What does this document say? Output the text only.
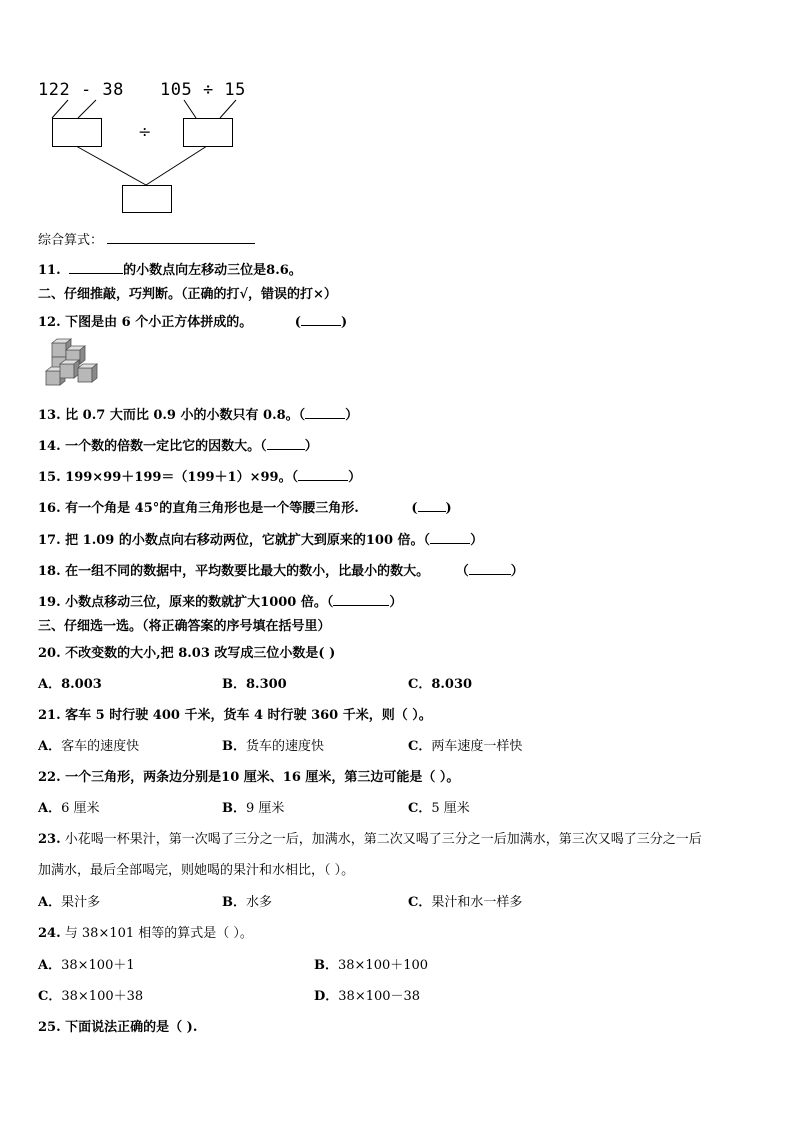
122 - 38 105 ÷ 15
÷
综合算式：
11.	的小数点向左移动三位是8.6。
二、仔细推敲，巧判断。（正确的打√，错误的打×）
12. 下图是由 6 个小正方体拼成的。	(	)
13. 比 0.7 大而比 0.9 小的小数只有 0.8。（	）
14. 一个数的倍数一定比它的因数大。（	）
15. 199×99＋199＝（199＋1）×99。（	）
16. 有一个角是 45°的直角三角形也是一个等腰三角形.	( )
17. 把 1.09 的小数点向右移动两位，它就扩大到原来的100 倍。（	）
18. 在一组不同的数据中，平均数要比最大的数小，比最小的数大。 （	）
19. 小数点移动三位，原来的数就扩大1000 倍。（	）
三、仔细选一选。（将正确答案的序号填在括号里）
20. 不改变数的大小,把 8.03 改写成三位小数是( )
A．8.003	B．8.300	C．8.030
21. 客车 5 时行驶 400 千米，货车 4 时行驶 360 千米，则（ ）。
A．客车的速度快	B．货车的速度快	C．两车速度一样快
22. 一个三角形，两条边分别是10 厘米、16 厘米，第三边可能是（ ）。
A．6 厘米	B．9 厘米	C．5 厘米
23. 小花喝一杯果汁，第一次喝了三分之一后，加满水，第二次又喝了三分之一后加满水，第三次又喝了三分之一后
加满水，最后全部喝完，则她喝的果汁和水相比，（ ）。
A．果汁多	B．水多	C．果汁和水一样多
24. 与 38×101 相等的算式是（ ）。
A．38×100＋1	B．38×100＋100
C．38×100＋38	D．38×100－38
25. 下面说法正确的是（ ).
